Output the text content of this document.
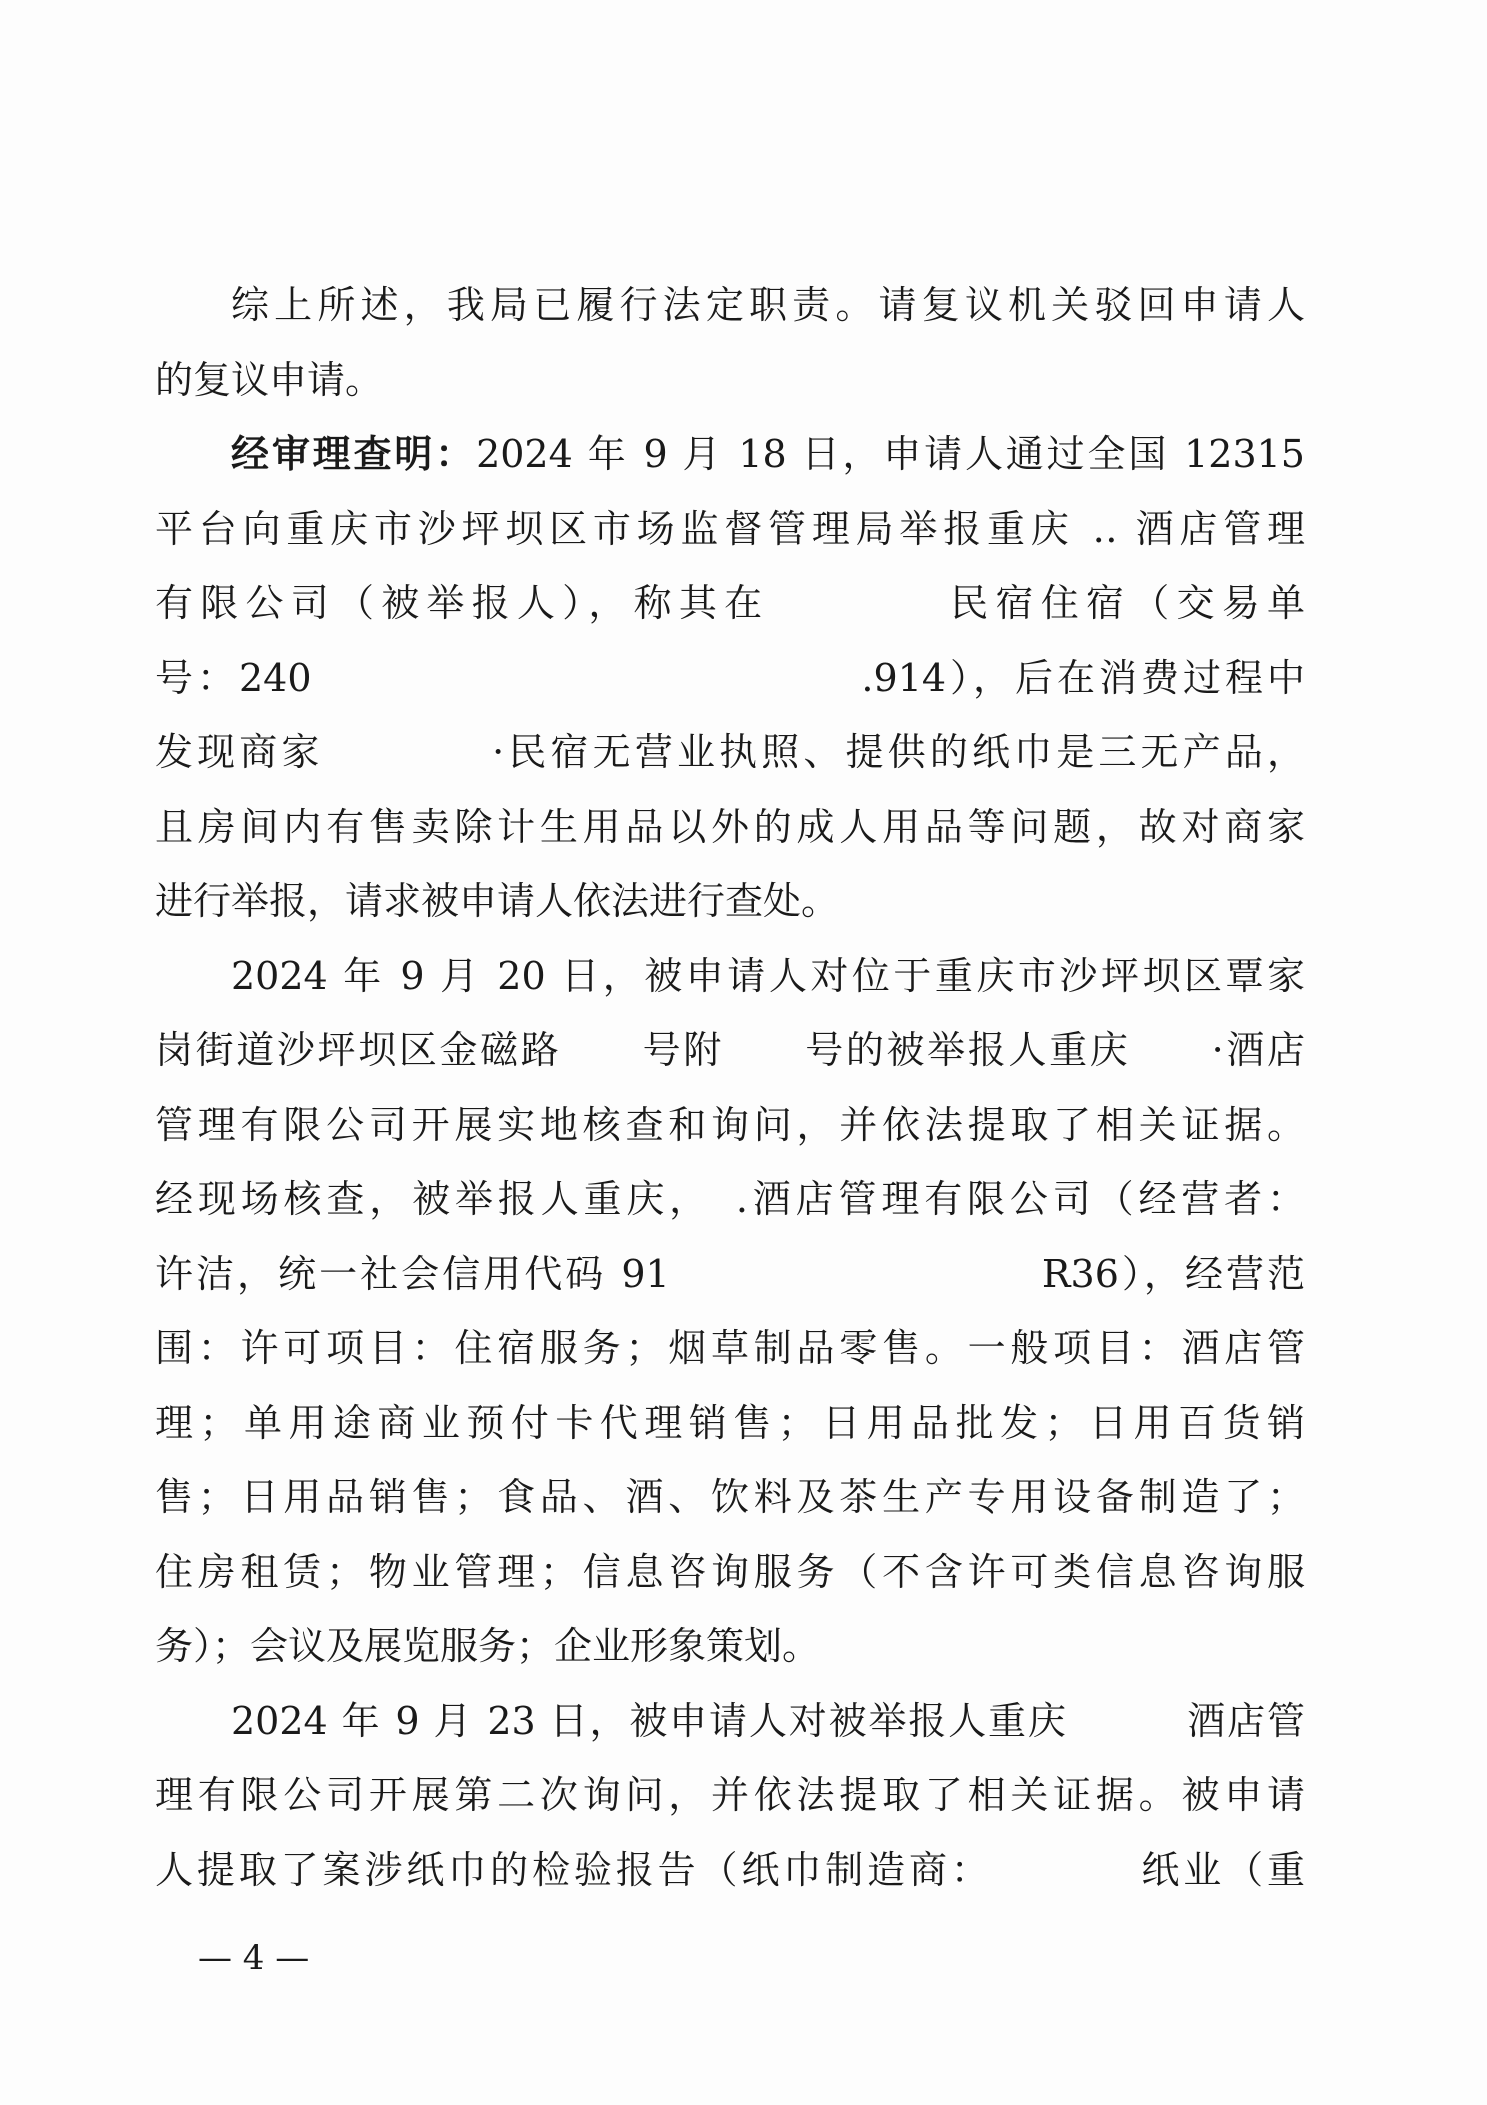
综上所述，我局已履行法定职责。请复议机关驳回申请人
的复议申请。
经审理查明：2024 年 9 月 18 日，申请人通过全国 12315
平台向重庆市沙坪坝区市场监督管理局举报重庆 ‥ 酒店管理
有限公司（被举报人），称其在　　　　民宿住宿（交易单
号：240　　　　　　　　　　　　　.914），后在消费过程中
发现商家　　　　·民宿无营业执照、提供的纸巾是三无产品，
且房间内有售卖除计生用品以外的成人用品等问题，故对商家
进行举报，请求被申请人依法进行查处。
2024 年 9 月 20 日，被申请人对位于重庆市沙坪坝区覃家
岗街道沙坪坝区金磁路　　号附　　号的被举报人重庆　　·酒店
管理有限公司开展实地核查和询问，并依法提取了相关证据。
经现场核查，被举报人重庆，　.酒店管理有限公司（经营者：
许洁，统一社会信用代码 91　　　　　　　　　R36），经营范
围：许可项目：住宿服务；烟草制品零售。一般项目：酒店管
理；单用途商业预付卡代理销售；日用品批发；日用百货销
售；日用品销售；食品、酒、饮料及茶生产专用设备制造了；
住房租赁；物业管理；信息咨询服务（不含许可类信息咨询服
务）；会议及展览服务；企业形象策划。
2024 年 9 月 23 日，被申请人对被举报人重庆　　　酒店管
理有限公司开展第二次询问，并依法提取了相关证据。被申请
人提取了案涉纸巾的检验报告（纸巾制造商：　　　　纸业（重
— 4 —
